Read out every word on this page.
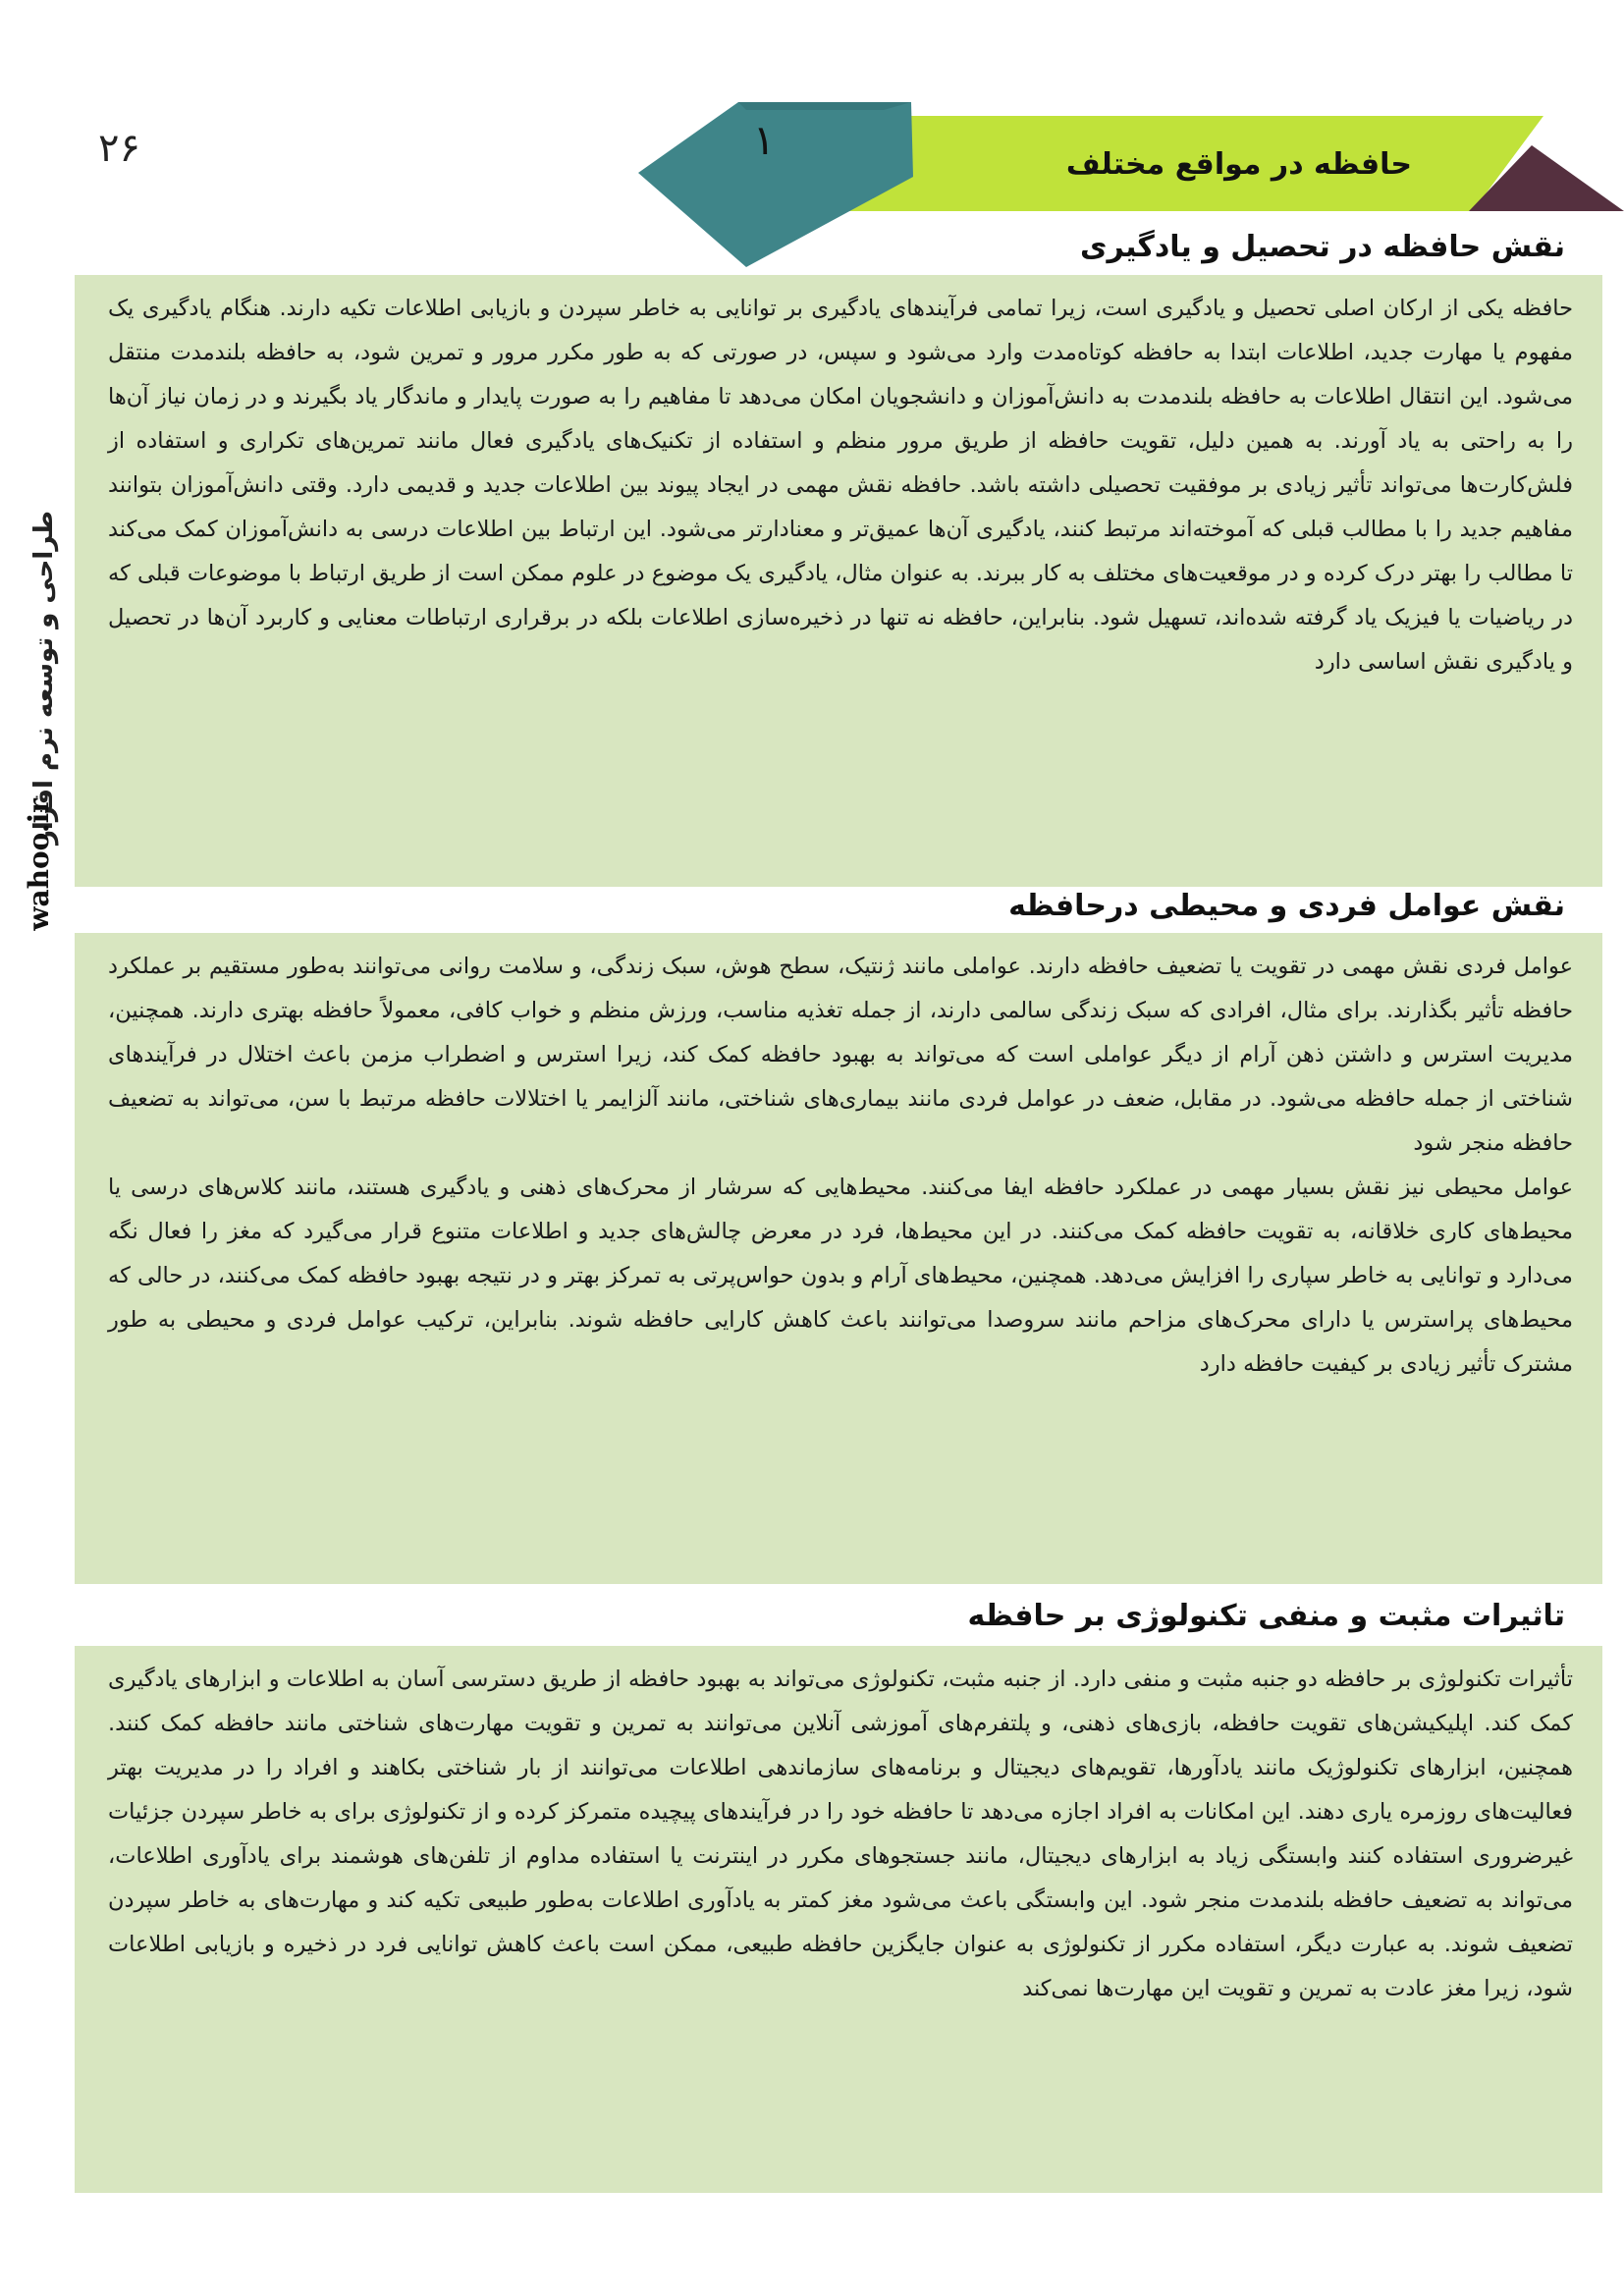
۲۶	۱
حافظه در مواقع مختلف
طراحی و توسعه نرم افزار
wahoo.ir
نقش حافظه در تحصیل و یادگیری

حافظه یکی از ارکان اصلی تحصیل و یادگیری است، زیرا تمامی فرآیندهای یادگیری بر توانایی به خاطر سپردن و بازیابی اطلاعات تکیه دارند. هنگام یادگیری یک مفهوم یا مهارت جدید، اطلاعات ابتدا به حافظه کوتاه‌مدت وارد می‌شود و سپس، در صورتی که به طور مکرر مرور و تمرین شود، به حافظه بلندمدت منتقل می‌شود. این انتقال اطلاعات به حافظه بلندمدت به دانش‌آموزان و دانشجویان امکان می‌دهد تا مفاهیم را به صورت پایدار و ماندگار یاد بگیرند و در زمان نیاز آن‌ها را به راحتی به یاد آورند. به همین دلیل، تقویت حافظه از طریق مرور منظم و استفاده از تکنیک‌های یادگیری فعال مانند تمرین‌های تکراری و استفاده از فلش‌کارت‌ها می‌تواند تأثیر زیادی بر موفقیت تحصیلی داشته باشد. حافظه نقش مهمی در ایجاد پیوند بین اطلاعات جدید و قدیمی دارد. وقتی دانش‌آموزان بتوانند مفاهیم جدید را با مطالب قبلی که آموخته‌اند مرتبط کنند، یادگیری آن‌ها عمیق‌تر و معنادارتر می‌شود. این ارتباط بین اطلاعات درسی به دانش‌آموزان کمک می‌کند تا مطالب را بهتر درک کرده و در موقعیت‌های مختلف به کار ببرند. به عنوان مثال، یادگیری یک موضوع در علوم ممکن است از طریق ارتباط با موضوعات قبلی که در ریاضیات یا فیزیک یاد گرفته شده‌اند، تسهیل شود. بنابراین، حافظه نه تنها در ذخیره‌سازی اطلاعات بلکه در برقراری ارتباطات معنایی و کاربرد آن‌ها در تحصیل و یادگیری نقش اساسی دارد

نقش عوامل فردی و محیطی درحافظه

عوامل فردی نقش مهمی در تقویت یا تضعیف حافظه دارند. عواملی مانند ژنتیک، سطح هوش، سبک زندگی، و سلامت روانی می‌توانند به‌طور مستقیم بر عملکرد حافظه تأثیر بگذارند. برای مثال، افرادی که سبک زندگی سالمی دارند، از جمله تغذیه مناسب، ورزش منظم و خواب کافی، معمولاً حافظه بهتری دارند. همچنین، مدیریت استرس و داشتن ذهن آرام از دیگر عواملی است که می‌تواند به بهبود حافظه کمک کند، زیرا استرس و اضطراب مزمن باعث اختلال در فرآیندهای شناختی از جمله حافظه می‌شود. در مقابل، ضعف در عوامل فردی مانند بیماری‌های شناختی، مانند آلزایمر یا اختلالات حافظه مرتبط با سن، می‌تواند به تضعیف حافظه منجر شود

عوامل محیطی نیز نقش بسیار مهمی در عملکرد حافظه ایفا می‌کنند. محیط‌هایی که سرشار از محرک‌های ذهنی و یادگیری هستند، مانند کلاس‌های درسی یا محیط‌های کاری خلاقانه، به تقویت حافظه کمک می‌کنند. در این محیط‌ها، فرد در معرض چالش‌های جدید و اطلاعات متنوع قرار می‌گیرد که مغز را فعال نگه می‌دارد و توانایی به خاطر سپاری را افزایش می‌دهد. همچنین، محیط‌های آرام و بدون حواس‌پرتی به تمرکز بهتر و در نتیجه بهبود حافظه کمک می‌کنند، در حالی که محیط‌های پراسترس یا دارای محرک‌های مزاحم مانند سروصدا می‌توانند باعث کاهش کارایی حافظه شوند. بنابراین، ترکیب عوامل فردی و محیطی به طور مشترک تأثیر زیادی بر کیفیت حافظه دارد

تاثیرات مثبت و منفی تکنولوژی بر حافظه

تأثیرات تکنولوژی بر حافظه دو جنبه مثبت و منفی دارد. از جنبه مثبت، تکنولوژی می‌تواند به بهبود حافظه از طریق دسترسی آسان به اطلاعات و ابزارهای یادگیری کمک کند. اپلیکیشن‌های تقویت حافظه، بازی‌های ذهنی، و پلتفرم‌های آموزشی آنلاین می‌توانند به تمرین و تقویت مهارت‌های شناختی مانند حافظه کمک کنند. همچنین، ابزارهای تکنولوژیک مانند یادآورها، تقویم‌های دیجیتال و برنامه‌های سازماندهی اطلاعات می‌توانند از بار شناختی بکاهند و افراد را در مدیریت بهتر فعالیت‌های روزمره یاری دهند. این امکانات به افراد اجازه می‌دهد تا حافظه خود را در فرآیندهای پیچیده متمرکز کرده و از تکنولوژی برای به خاطر سپردن جزئیات غیرضروری استفاده کنند وابستگی زیاد به ابزارهای دیجیتال، مانند جستجوهای مکرر در اینترنت یا استفاده مداوم از تلفن‌های هوشمند برای یادآوری اطلاعات، می‌تواند به تضعیف حافظه بلندمدت منجر شود. این وابستگی باعث می‌شود مغز کمتر به یادآوری اطلاعات به‌طور طبیعی تکیه کند و مهارت‌های به خاطر سپردن تضعیف شوند. به عبارت دیگر، استفاده مکرر از تکنولوژی به عنوان جایگزین حافظه طبیعی، ممکن است باعث کاهش توانایی فرد در ذخیره و بازیابی اطلاعات شود، زیرا مغز عادت به تمرین و تقویت این مهارت‌ها نمی‌کند
